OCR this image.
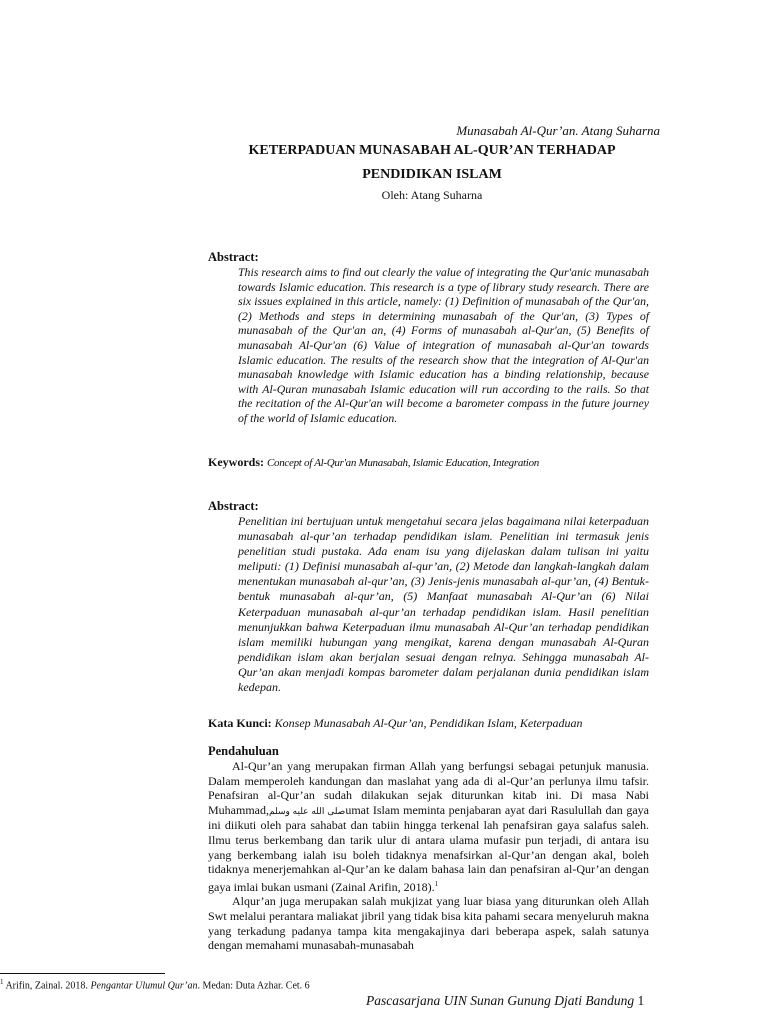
Munasabah Al-Qur’an. Atang Suharna
KETERPADUAN MUNASABAH AL-QUR’AN TERHADAP
PENDIDIKAN ISLAM
Oleh: Atang Suharna
Abstract:
This research aims to find out clearly the value of integrating the Qur'anic munasabah towards Islamic education. This research is a type of library study research. There are six issues explained in this article, namely: (1) Definition of munasabah of the Qur'an, (2) Methods and steps in determining munasabah of the Qur'an, (3) Types of munasabah of the Qur'an an, (4) Forms of munasabah al-Qur'an, (5) Benefits of munasabah Al-Qur'an (6) Value of integration of munasabah al-Qur'an towards Islamic education. The results of the research show that the integration of Al-Qur'an munasabah knowledge with Islamic education has a binding relationship, because with Al-Quran munasabah Islamic education will run according to the rails. So that the recitation of the Al-Qur'an will become a barometer compass in the future journey of the world of Islamic education.
Keywords: Concept of Al-Qur'an Munasabah, Islamic Education, Integration
Abstract:
Penelitian ini bertujuan untuk mengetahui secara jelas bagaimana nilai keterpaduan munasabah al-qur’an terhadap pendidikan islam. Penelitian ini termasuk jenis penelitian studi pustaka. Ada enam isu yang dijelaskan dalam tulisan ini yaitu meliputi: (1) Definisi munasabah al-qur’an, (2) Metode dan langkah-langkah dalam menentukan munasabah al-qur’an, (3) Jenis-jenis munasabah al-qur’an, (4) Bentuk-bentuk munasabah al-qur’an, (5) Manfaat munasabah Al-Qur’an (6) Nilai Keterpaduan munasabah al-qur’an terhadap pendidikan islam. Hasil penelitian menunjukkan bahwa Keterpaduan ilmu munasabah Al-Qur’an terhadap pendidikan islam memiliki hubungan yang mengikat, karena dengan munasabah Al-Quran pendidikan islam akan berjalan sesuai dengan relnya. Sehingga munasabah Al-Qur’an akan menjadi kompas barometer dalam perjalanan dunia pendidikan islam kedepan.
Kata Kunci: Konsep Munasabah Al-Qur’an, Pendidikan Islam, Keterpaduan
Pendahuluan

Al-Qur’an yang merupakan firman Allah yang berfungsi sebagai petunjuk manusia. Dalam memperoleh kandungan dan maslahat yang ada di al-Qur’an perlunya ilmu tafsir. Penafsiran al-Qur’an sudah dilakukan sejak diturunkan kitab ini. Di masa Nabi Muhammad,صلى الله عليه وسلمumat Islam meminta penjabaran ayat dari Rasulullah dan gaya ini diikuti oleh para sahabat dan tabiin hingga terkenal lah penafsiran gaya salafus saleh. Ilmu terus berkembang dan tarik ulur di antara ulama mufasir pun terjadi, di antara isu yang berkembang ialah isu boleh tidaknya menafsirkan al-Qur’an dengan akal, boleh tidaknya menerjemahkan al-Qur’an ke dalam bahasa lain dan penafsiran al-Qur’an dengan gaya imlai bukan usmani (Zainal Arifin, 2018).$^1$

Alqur’an juga merupakan salah mukjizat yang luar biasa yang diturunkan oleh Allah Swt melalui perantara maliakat jibril yang tidak bisa kita pahami secara menyeluruh makna yang terkadung padanya tampa kita mengakajinya dari beberapa aspek, salah satunya dengan memahami munasabah-munasabah

$^1$ Arifin, Zainal. 2018. Pengantar Ulumul Qur’an. Medan: Duta Azhar. Cet. 6
Pascasarjana UIN Sunan Gunung Djati Bandung 1
